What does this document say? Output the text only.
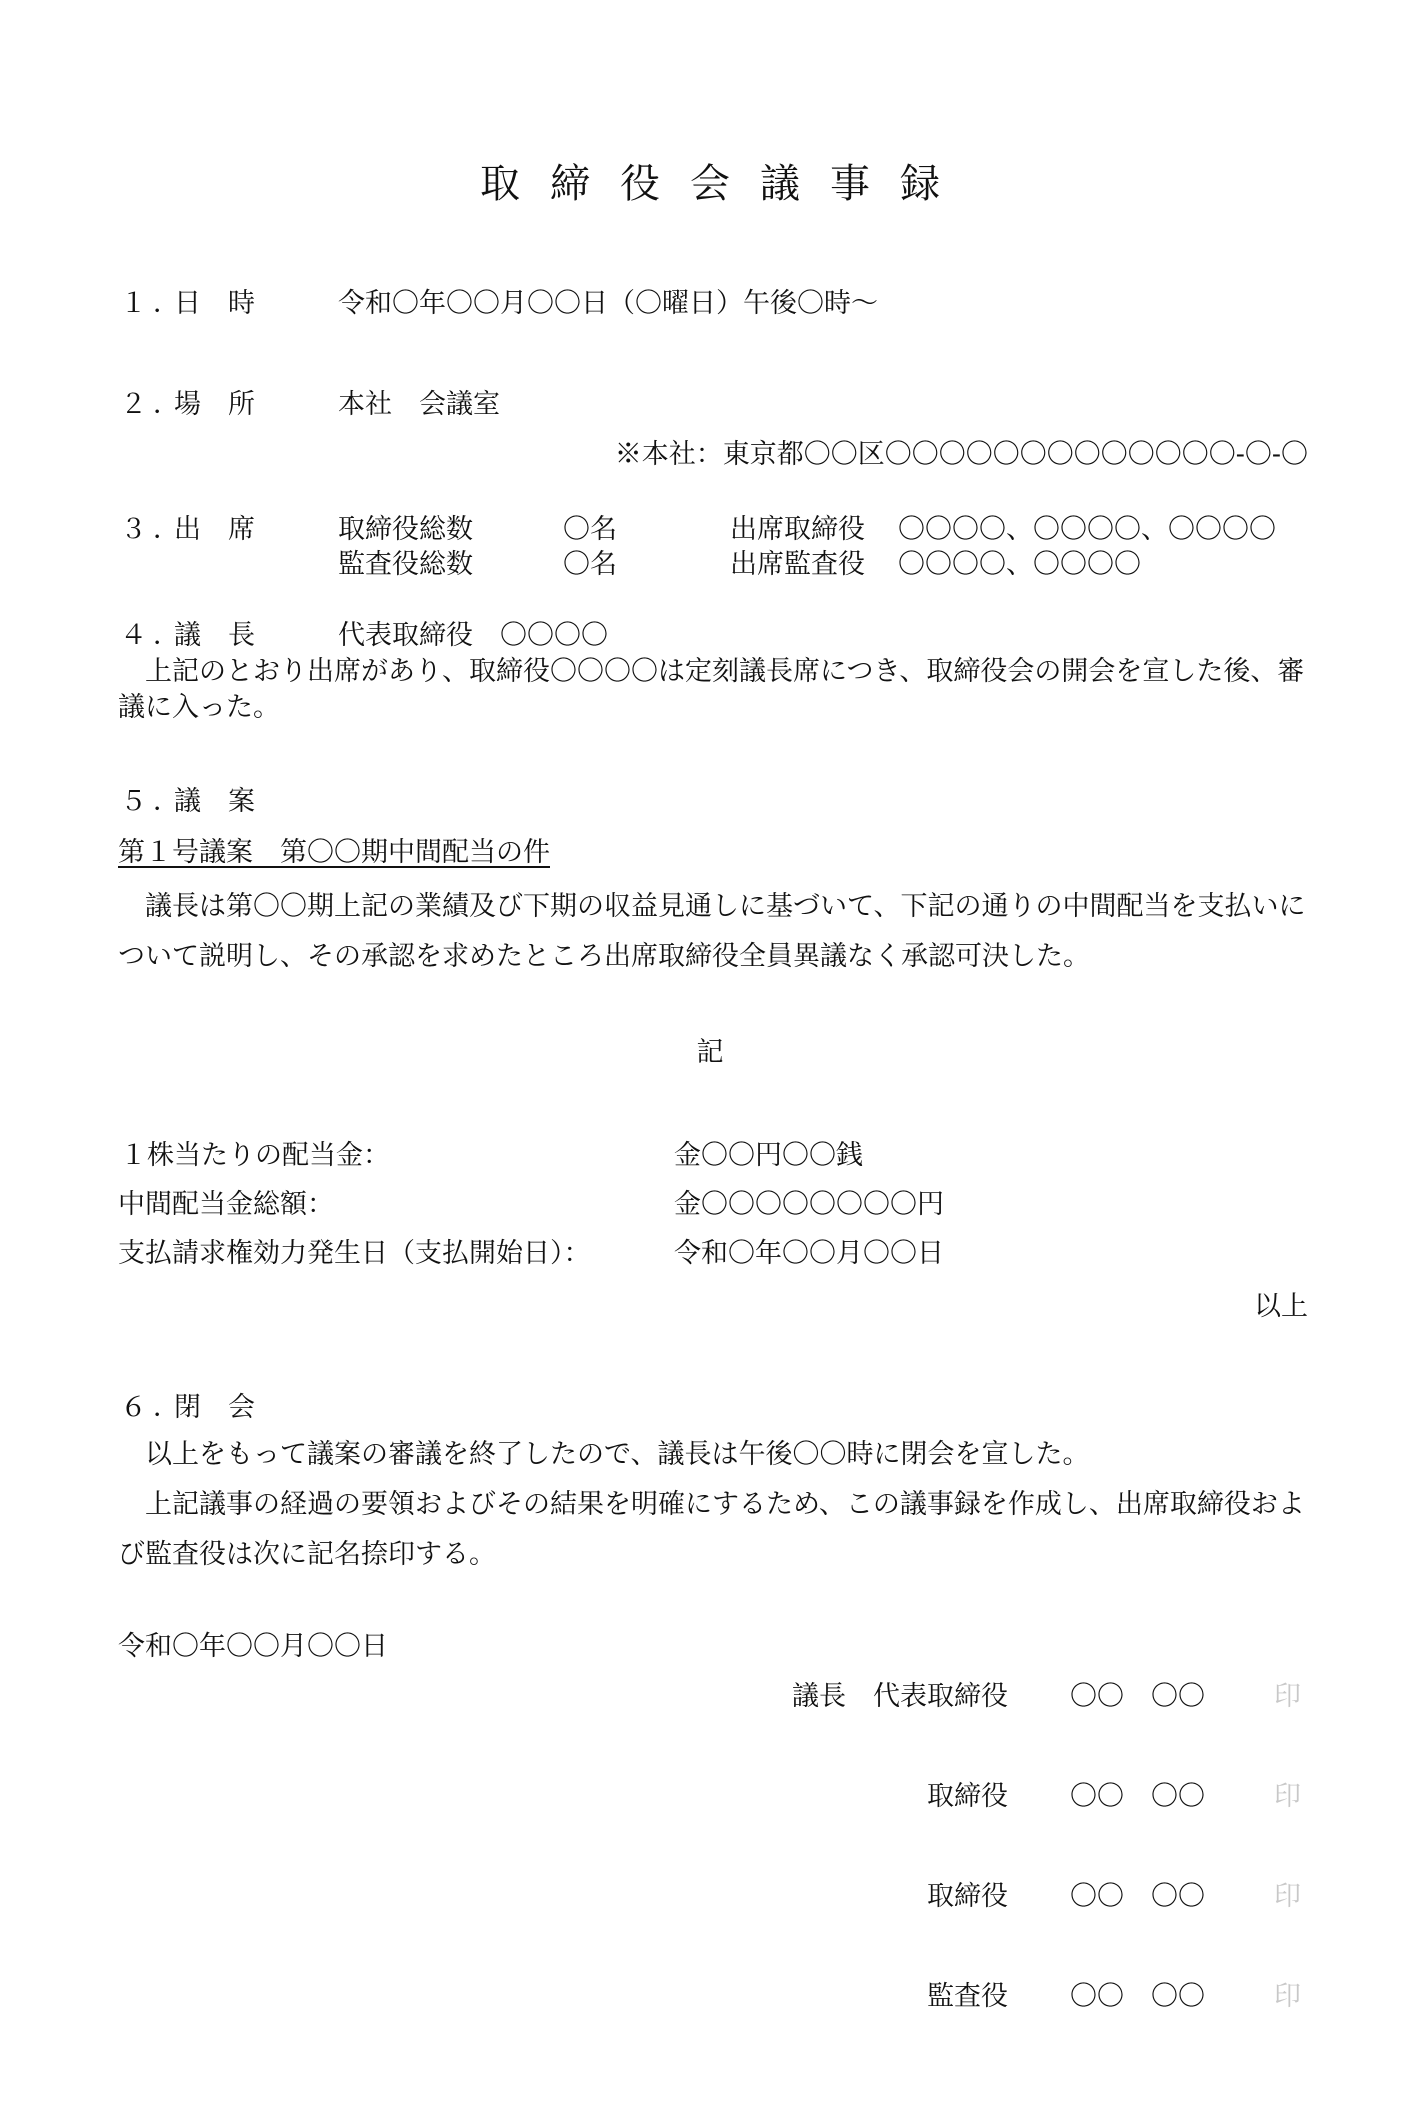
取締役会議事録
１．
日　時	令和〇年〇〇月〇〇日（〇曜日）午後〇時～
２．
場　所	本社　会議室
※本社：東京都〇〇区〇〇〇〇〇〇〇〇〇〇〇〇〇-〇-〇
３．
出　席	取締役総数	〇名	出席取締役 〇〇〇〇、〇〇〇〇、〇〇〇〇
監査役総数	〇名	出席監査役 〇〇〇〇、〇〇〇〇
４．
議　長	代表取締役　〇〇〇〇
上記のとおり出席があり、取締役〇〇〇〇は定刻議長席につき、取締役会の開会を宣した後、審議に入った。
５．
議　案
第１号議案　第〇〇期中間配当の件
議長は第〇〇期上記の業績及び下期の収益見通しに基づいて、下記の通りの中間配当を支払いについて説明し、その承認を求めたところ出席取締役全員異議なく承認可決した。
記
１株当たりの配当金：	金〇〇円〇〇銭
中間配当金総額：	金〇〇〇〇〇〇〇〇円
支払請求権効力発生日（支払開始日）：	令和〇年〇〇月〇〇日
以上
６．
閉　会
以上をもって議案の審議を終了したので、議長は午後〇〇時に閉会を宣した。
上記議事の経過の要領およびその結果を明確にするため、この議事録を作成し、出席取締役および監査役は次に記名捺印する。
令和〇年〇〇月〇〇日
議長　代表取締役 〇〇　〇〇	印
取締役 〇〇　〇〇	印
取締役 〇〇　〇〇	印
監査役 〇〇　〇〇	印
